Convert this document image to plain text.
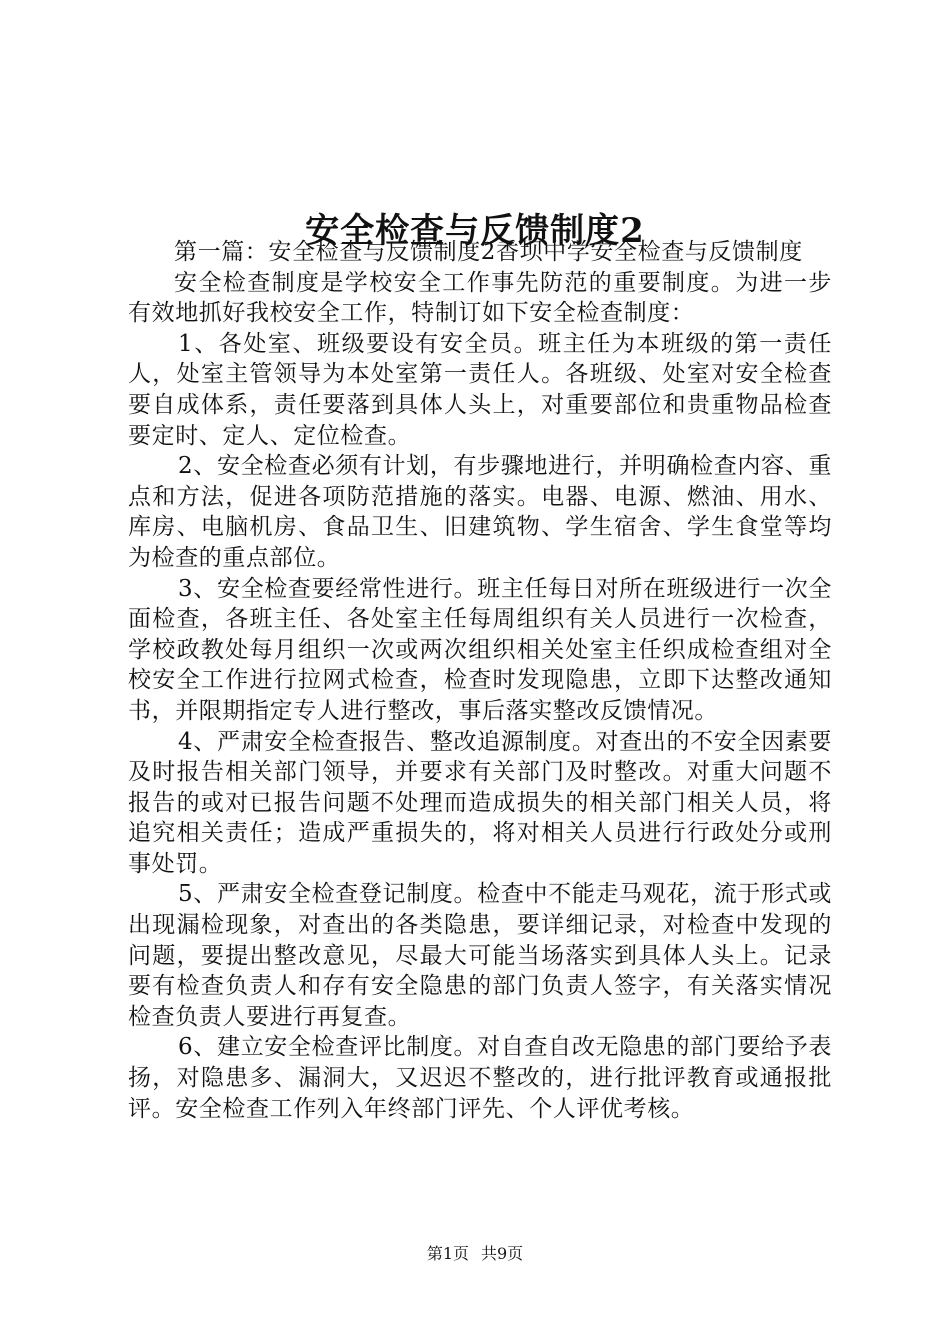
安全检查与反馈制度2

第一篇：安全检查与反馈制度2香坝中学安全检查与反馈制度

安全检查制度是学校安全工作事先防范的重要制度。为进一步有效地抓好我校安全工作，特制订如下安全检查制度：

1、各处室、班级要设有安全员。班主任为本班级的第一责任人，处室主管领导为本处室第一责任人。各班级、处室对安全检查要自成体系，责任要落到具体人头上，对重要部位和贵重物品检查要定时、定人、定位检查。

2、安全检查必须有计划，有步骤地进行，并明确检查内容、重点和方法，促进各项防范措施的落实。电器、电源、燃油、用水、库房、电脑机房、食品卫生、旧建筑物、学生宿舍、学生食堂等均为检查的重点部位。

3、安全检查要经常性进行。班主任每日对所在班级进行一次全面检查，各班主任、各处室主任每周组织有关人员进行一次检查，学校政教处每月组织一次或两次组织相关处室主任织成检查组对全校安全工作进行拉网式检查，检查时发现隐患，立即下达整改通知书，并限期指定专人进行整改，事后落实整改反馈情况。

4、严肃安全检查报告、整改追源制度。对查出的不安全因素要及时报告相关部门领导，并要求有关部门及时整改。对重大问题不报告的或对已报告问题不处理而造成损失的相关部门相关人员，将追究相关责任；造成严重损失的，将对相关人员进行行政处分或刑事处罚。

5、严肃安全检查登记制度。检查中不能走马观花，流于形式或出现漏检现象，对查出的各类隐患，要详细记录，对检查中发现的问题，要提出整改意见，尽最大可能当场落实到具体人头上。记录要有检查负责人和存有安全隐患的部门负责人签字，有关落实情况检查负责人要进行再复查。

6、建立安全检查评比制度。对自查自改无隐患的部门要给予表扬，对隐患多、漏洞大，又迟迟不整改的，进行批评教育或通报批评。安全检查工作列入年终部门评先、个人评优考核。

第1页 共9页
